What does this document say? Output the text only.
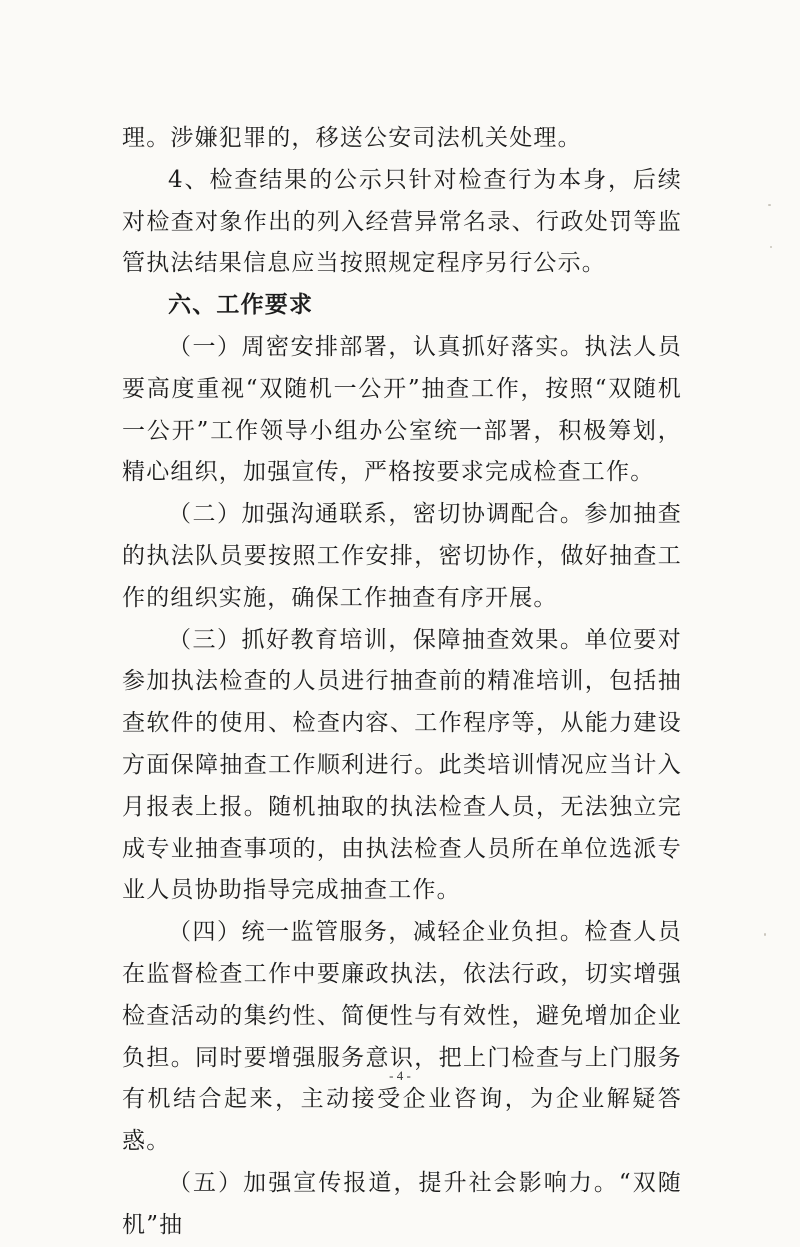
理。涉嫌犯罪的，移送公安司法机关处理。

4、检查结果的公示只针对检查行为本身，后续对检查对象作出的列入经营异常名录、行政处罚等监管执法结果信息应当按照规定程序另行公示。

六、工作要求

（一）周密安排部署，认真抓好落实。执法人员要高度重视“双随机一公开”抽查工作，按照“双随机一公开”工作领导小组办公室统一部署，积极筹划，精心组织，加强宣传，严格按要求完成检查工作。

（二）加强沟通联系，密切协调配合。参加抽查的执法队员要按照工作安排，密切协作，做好抽查工作的组织实施，确保工作抽查有序开展。

（三）抓好教育培训，保障抽查效果。单位要对参加执法检查的人员进行抽查前的精准培训，包括抽查软件的使用、检查内容、工作程序等，从能力建设方面保障抽查工作顺利进行。此类培训情况应当计入月报表上报。随机抽取的执法检查人员，无法独立完成专业抽查事项的，由执法检查人员所在单位选派专业人员协助指导完成抽查工作。

（四）统一监管服务，减轻企业负担。检查人员在监督检查工作中要廉政执法，依法行政，切实增强检查活动的集约性、简便性与有效性，避免增加企业负担。同时要增强服务意识，把上门检查与上门服务有机结合起来，主动接受企业咨询，为企业解疑答惑。

（五）加强宣传报道，提升社会影响力。“双随机”抽

- 4 -
